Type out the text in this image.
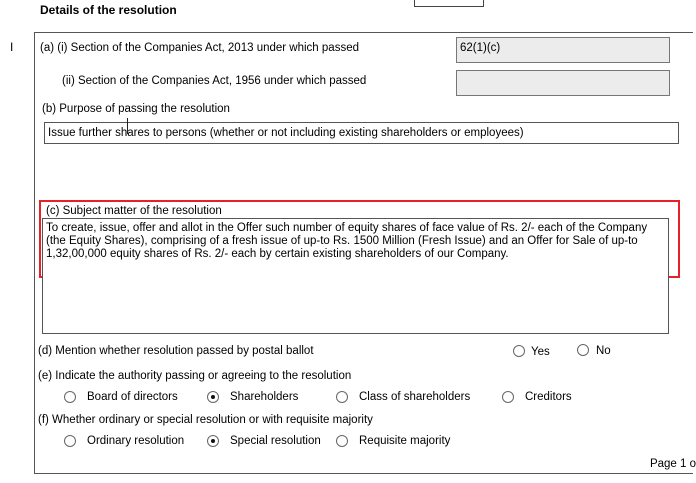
Details of the resolution
I (a) (i) Section of the Companies Act, 2013 under which passed	62(1)(c)
(ii) Section of the Companies Act, 1956 under which passed
(b) Purpose of passing the resolution
Issue further shares to persons (whether or not including existing shareholders or employees)
(c) Subject matter of the resolution
To create, issue, offer and allot in the Offer such number of equity shares of face value of Rs. 2/- each of the Company (the Equity Shares), comprising of a fresh issue of up-to Rs. 1500 Million (Fresh Issue) and an Offer for Sale of up-to 1,32,00,000 equity shares of Rs. 2/- each by certain existing shareholders of our Company.
(d) Mention whether resolution passed by postal ballot	Yes	No
(e) Indicate the authority passing or agreeing to the resolution
Board of directors	Shareholders	Class of shareholders	Creditors
(f) Whether ordinary or special resolution or with requisite majority
Ordinary resolution	Special resolution	Requisite majority
Page 1 o
